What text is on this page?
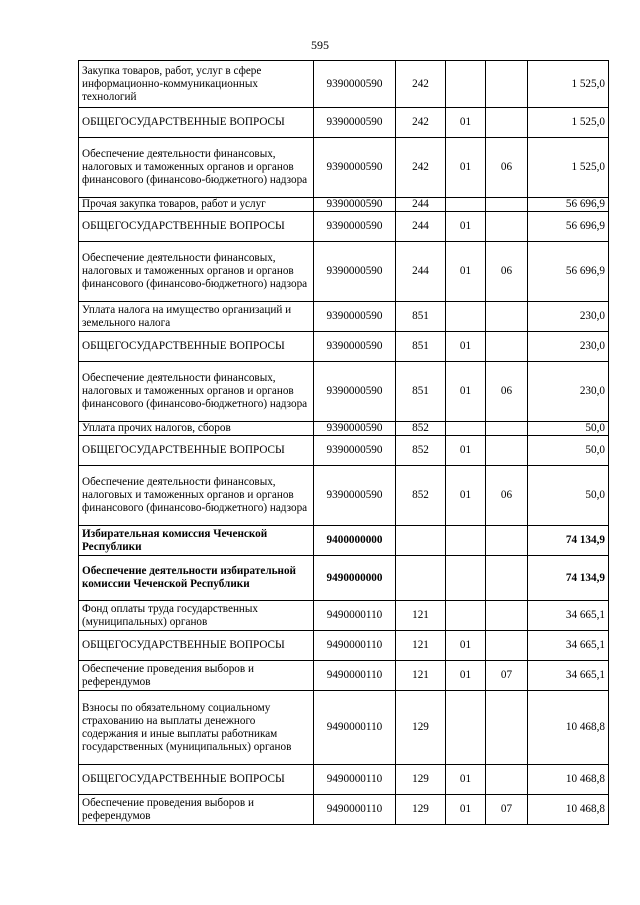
595
Закупка товаров, работ, услуг в сфере информационно-коммуникационных технологий	9390000590	242			1 525,0
ОБЩЕГОСУДАРСТВЕННЫЕ ВОПРОСЫ	9390000590	242	01		1 525,0
Обеспечение деятельности финансовых, налоговых и таможенных органов и органов финансового (финансово-бюджетного) надзора	9390000590	242	01	06	1 525,0
Прочая закупка товаров, работ и услуг	9390000590	244			56 696,9
ОБЩЕГОСУДАРСТВЕННЫЕ ВОПРОСЫ	9390000590	244	01		56 696,9
Обеспечение деятельности финансовых, налоговых и таможенных органов и органов финансового (финансово-бюджетного) надзора	9390000590	244	01	06	56 696,9
Уплата налога на имущество организаций и земельного налога	9390000590	851			230,0
ОБЩЕГОСУДАРСТВЕННЫЕ ВОПРОСЫ	9390000590	851	01		230,0
Обеспечение деятельности финансовых, налоговых и таможенных органов и органов финансового (финансово-бюджетного) надзора	9390000590	851	01	06	230,0
Уплата прочих налогов, сборов	9390000590	852			50,0
ОБЩЕГОСУДАРСТВЕННЫЕ ВОПРОСЫ	9390000590	852	01		50,0
Обеспечение деятельности финансовых, налоговых и таможенных органов и органов финансового (финансово-бюджетного) надзора	9390000590	852	01	06	50,0
Избирательная комиссия Чеченской Республики	9400000000				74 134,9
Обеспечение деятельности избирательной комиссии Чеченской Республики	9490000000				74 134,9
Фонд оплаты труда государственных (муниципальных) органов	9490000110	121			34 665,1
ОБЩЕГОСУДАРСТВЕННЫЕ ВОПРОСЫ	9490000110	121	01		34 665,1
Обеспечение проведения выборов и референдумов	9490000110	121	01	07	34 665,1
Взносы по обязательному социальному страхованию на выплаты денежного содержания и иные выплаты работникам государственных (муниципальных) органов	9490000110	129			10 468,8
ОБЩЕГОСУДАРСТВЕННЫЕ ВОПРОСЫ	9490000110	129	01		10 468,8
Обеспечение проведения выборов и референдумов	9490000110	129	01	07	10 468,8
